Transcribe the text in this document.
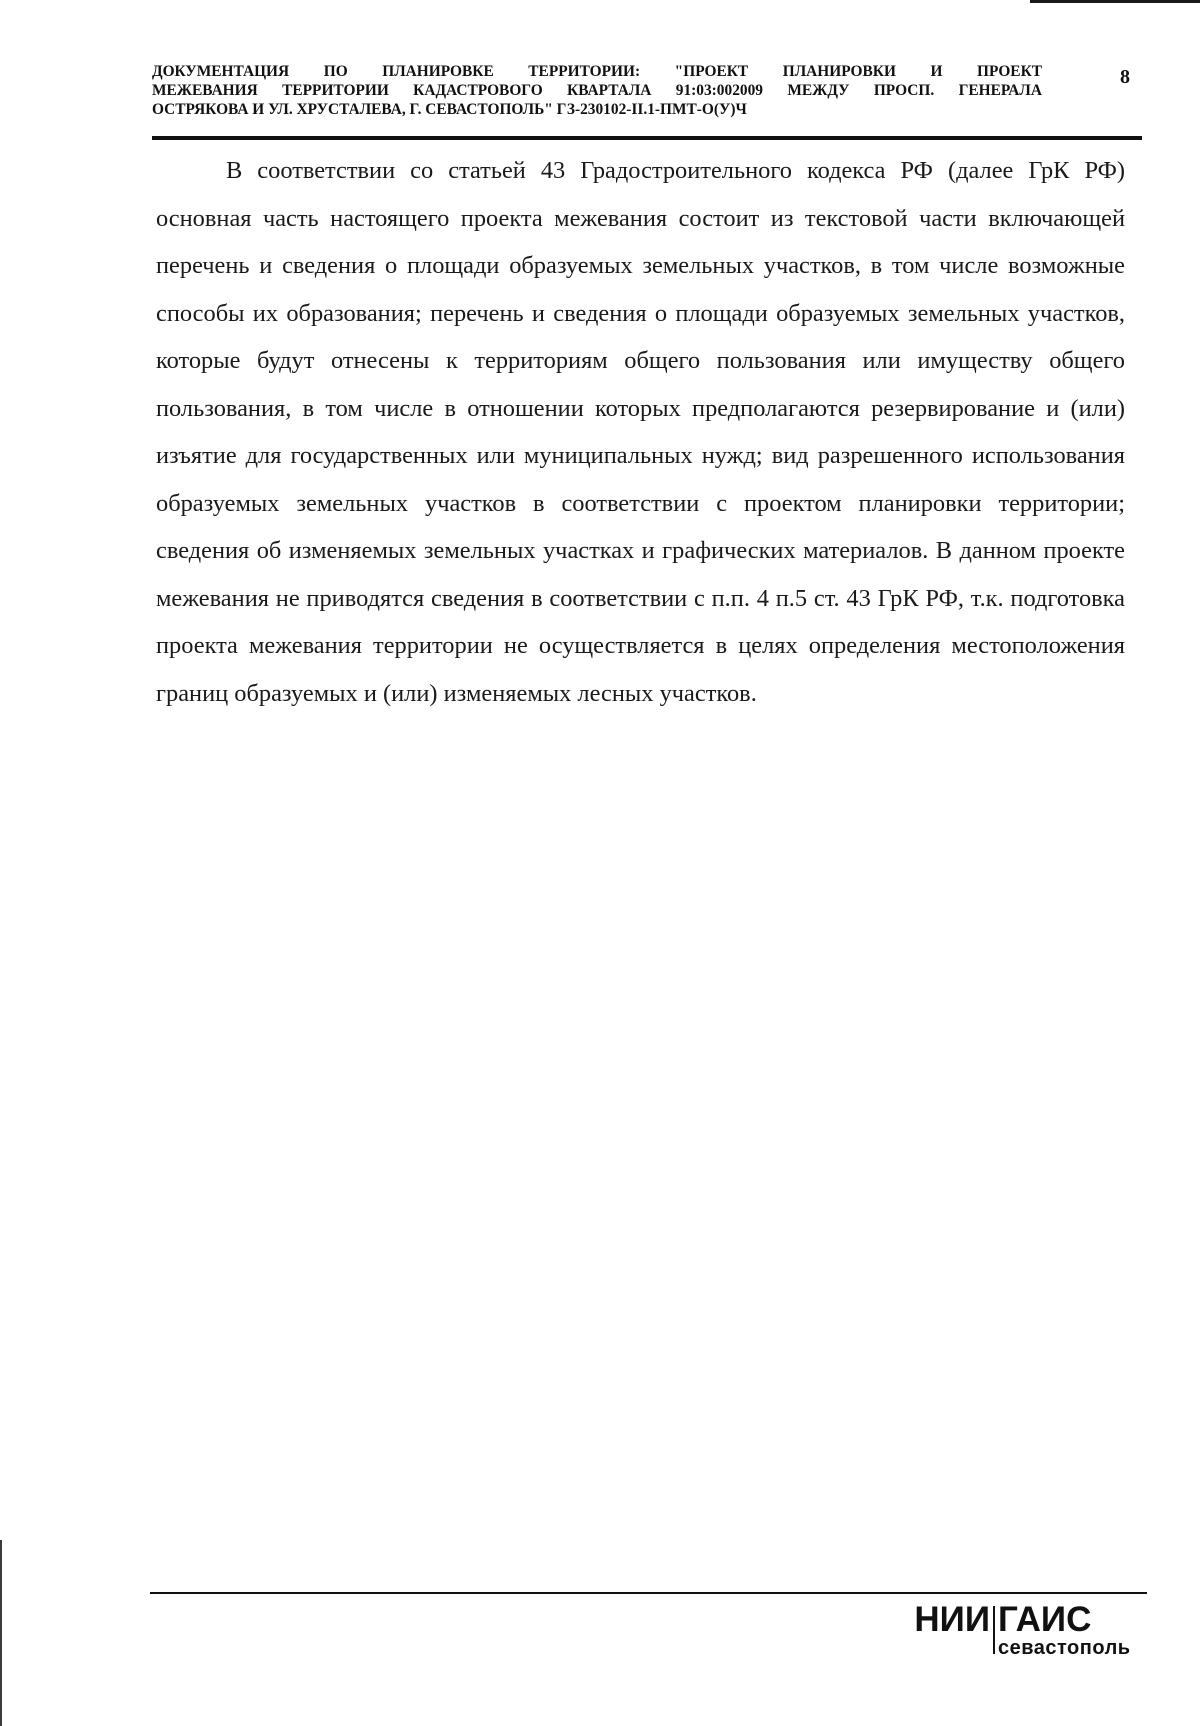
ДОКУМЕНТАЦИЯ ПО ПЛАНИРОВКЕ ТЕРРИТОРИИ: "ПРОЕКТ ПЛАНИРОВКИ И ПРОЕКТ
МЕЖЕВАНИЯ ТЕРРИТОРИИ КАДАСТРОВОГО КВАРТАЛА 91:03:002009 МЕЖДУ ПРОСП. ГЕНЕРАЛА
ОСТРЯКОВА И УЛ. ХРУСТАЛЕВА, Г. СЕВАСТОПОЛЬ" ГЗ-230102-II.1-ПМТ-О(У)Ч
8

В соответствии со статьей 43 Градостроительного кодекса РФ (далее ГрК РФ) основная часть настоящего проекта межевания состоит из текстовой части включающей перечень и сведения о площади образуемых земельных участков, в том числе возможные способы их образования; перечень и сведения о площади образуемых земельных участков, которые будут отнесены к территориям общего пользования или имуществу общего пользования, в том числе в отношении которых предполагаются резервирование и (или) изъятие для государственных или муниципальных нужд; вид разрешенного использования образуемых земельных участков в соответствии с проектом планировки территории; сведения об изменяемых земельных участках и графических материалов. В данном проекте межевания не приводятся сведения в соответствии с п.п. 4 п.5 ст. 43 ГрК РФ, т.к. подготовка проекта межевания территории не осуществляется в целях определения местоположения границ образуемых и (или) изменяемых лесных участков.

НИИ ГАИС
севастополь
